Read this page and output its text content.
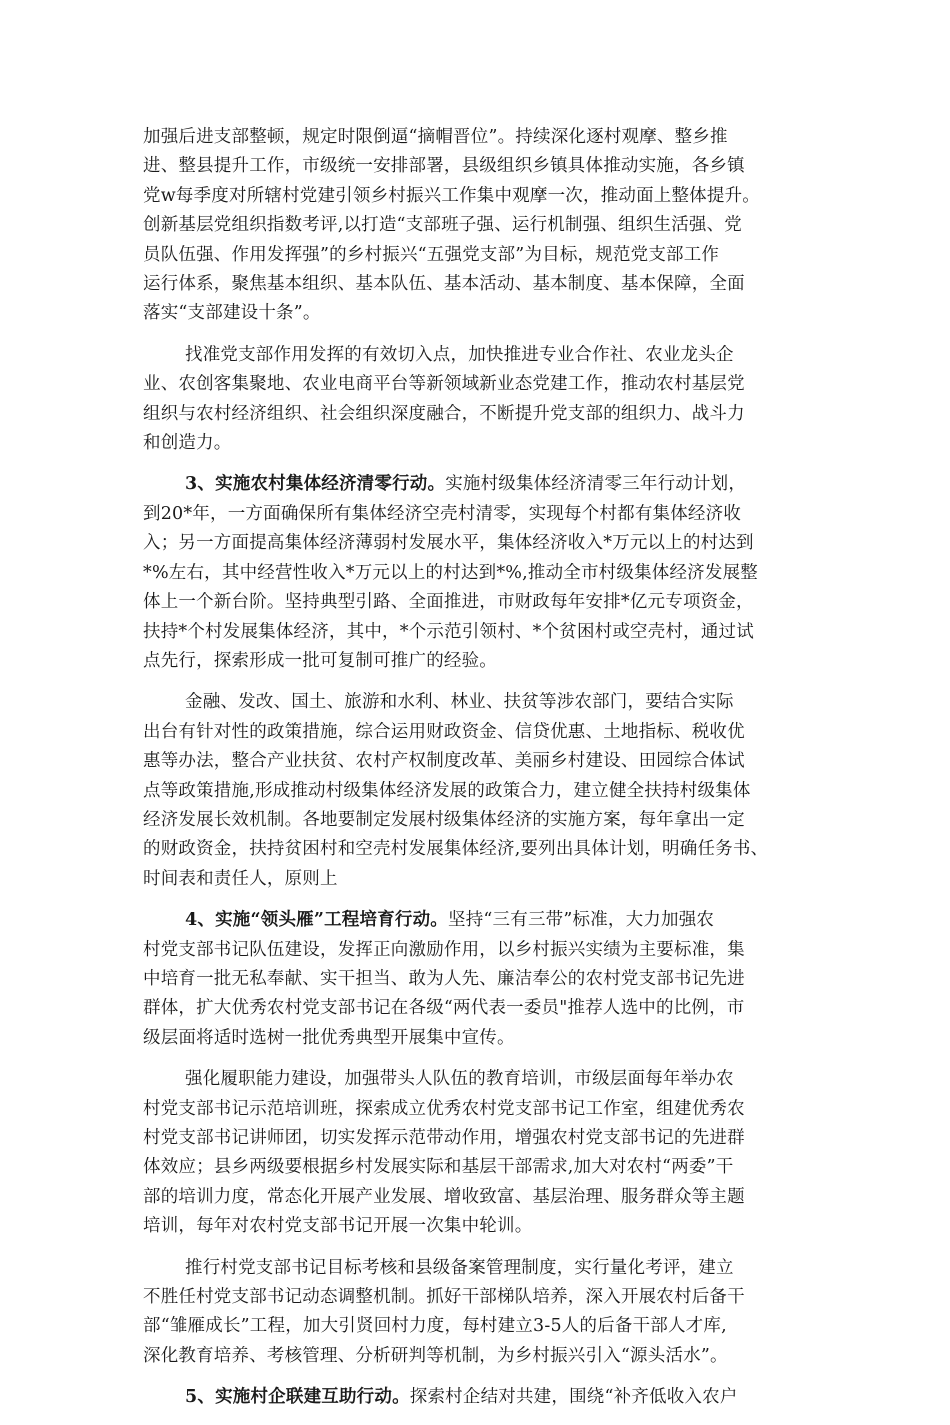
加强后进支部整顿，规定时限倒逼“摘帽晋位”。持续深化逐村观摩、整乡推
进、整县提升工作，市级统一安排部署，县级组织乡镇具体推动实施，各乡镇
党w每季度对所辖村党建引领乡村振兴工作集中观摩一次，推动面上整体提升。
创新基层党组织指数考评,以打造“支部班子强、运行机制强、组织生活强、党
员队伍强、作用发挥强”的乡村振兴“五强党支部”为目标，规范党支部工作
运行体系，聚焦基本组织、基本队伍、基本活动、基本制度、基本保障，全面
落实“支部建设十条”。

找准党支部作用发挥的有效切入点，加快推进专业合作社、农业龙头企
业、农创客集聚地、农业电商平台等新领域新业态党建工作，推动农村基层党
组织与农村经济组织、社会组织深度融合，不断提升党支部的组织力、战斗力
和创造力。

3、实施农村集体经济清零行动。实施村级集体经济清零三年行动计划，
到20*年，一方面确保所有集体经济空壳村清零，实现每个村都有集体经济收
入；另一方面提高集体经济薄弱村发展水平，集体经济收入*万元以上的村达到
*%左右，其中经营性收入*万元以上的村达到*%,推动全市村级集体经济发展整
体上一个新台阶。坚持典型引路、全面推进，市财政每年安排*亿元专项资金，
扶持*个村发展集体经济，其中，*个示范引领村、*个贫困村或空壳村，通过试
点先行，探索形成一批可复制可推广的经验。

金融、发改、国土、旅游和水利、林业、扶贫等涉农部门，要结合实际
出台有针对性的政策措施，综合运用财政资金、信贷优惠、土地指标、税收优
惠等办法，整合产业扶贫、农村产权制度改革、美丽乡村建设、田园综合体试
点等政策措施,形成推动村级集体经济发展的政策合力，建立健全扶持村级集体
经济发展长效机制。各地要制定发展村级集体经济的实施方案，每年拿出一定
的财政资金，扶持贫困村和空壳村发展集体经济,要列出具体计划，明确任务书、
时间表和责任人，原则上

4、实施“领头雁”工程培育行动。坚持“三有三带”标准，大力加强农
村党支部书记队伍建设，发挥正向激励作用，以乡村振兴实绩为主要标准，集
中培育一批无私奉献、实干担当、敢为人先、廉洁奉公的农村党支部书记先进
群体，扩大优秀农村党支部书记在各级“两代表一委员"推荐人选中的比例，市
级层面将适时选树一批优秀典型开展集中宣传。

强化履职能力建设，加强带头人队伍的教育培训，市级层面每年举办农
村党支部书记示范培训班，探索成立优秀农村党支部书记工作室，组建优秀农
村党支部书记讲师团，切实发挥示范带动作用，增强农村党支部书记的先进群
体效应；县乡两级要根据乡村发展实际和基层干部需求,加大对农村“两委”干
部的培训力度，常态化开展产业发展、增收致富、基层治理、服务群众等主题
培训，每年对农村党支部书记开展一次集中轮训。

推行村党支部书记目标考核和县级备案管理制度，实行量化考评，建立
不胜任村党支部书记动态调整机制。抓好干部梯队培养，深入开展农村后备干
部“雏雁成长”工程，加大引贤回村力度，每村建立3-5人的后备干部人才库,
深化教育培养、考核管理、分析研判等机制，为乡村振兴引入“源头活水”。

5、实施村企联建互助行动。探索村企结对共建，围绕“补齐低收入农户
